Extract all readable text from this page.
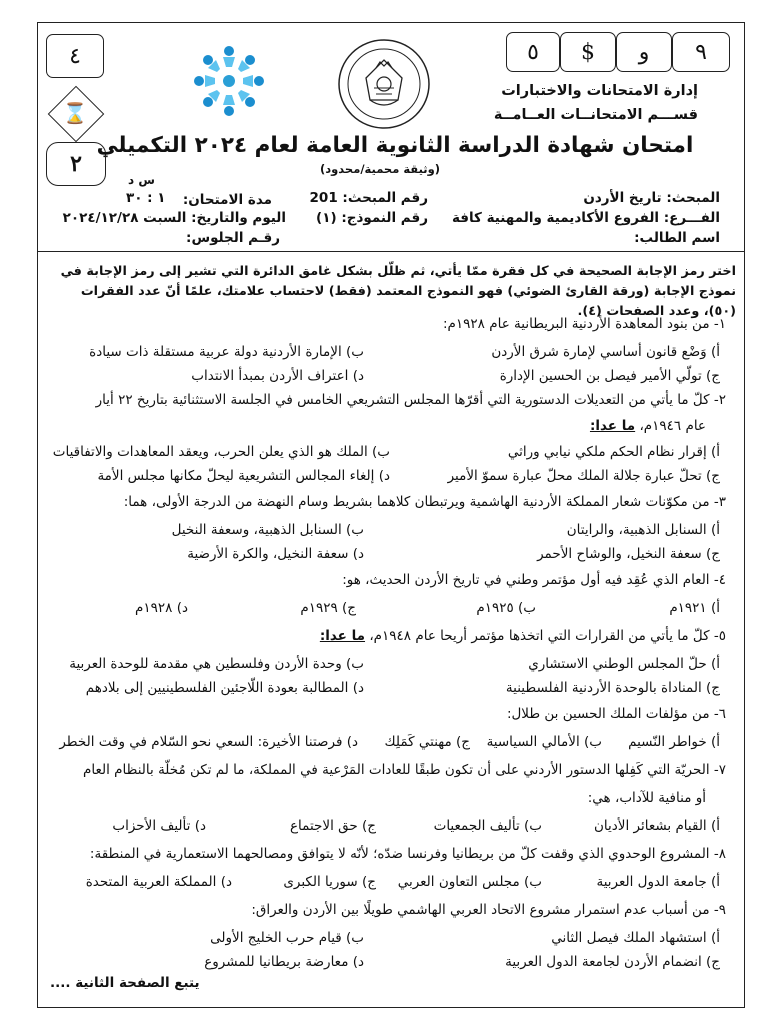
٥	$	و	٩
٤
⌛
٢
إدارة الامتحانات والاختبارات
قســـم الامتحانــات العــامــة
امتحان شهادة الدراسة الثانوية العامة لعام ٢٠٢٤ التكميلي
(وثيقة محمية/محدود)
المبحث: تاريخ الأردن
رقم المبحث: 201
مدة الامتحان:
س د
١ : ٣٠
الفـــرع: الفروع الأكاديمية والمهنية كافة
رقم النموذج: (١)
اليوم والتاريخ: السبت ٢٠٢٤/١٢/٢٨
اسم الطالب:
رقـم الجلوس:
اختر رمز الإجابة الصحيحة في كل فقرة ممّا يأتي، ثم ظلّل بشكل غامق الدائرة التي تشير إلى رمز الإجابة في نموذج الإجابة (ورقة القارئ الضوئي) فهو النموذج المعتمد (فقط) لاحتساب علامتك، علمًا أنّ عدد الفقرات (٥٠)، وعدد الصفحات (٤).
١- من بنود المعاهدة الأردنية البريطانية عام ١٩٢٨م:
أ) وَضْع قانون أساسي لإمارة شرق الأردن
ب) الإمارة الأردنية دولة عربية مستقلة ذات سيادة
ج) تولّي الأمير فيصل بن الحسين الإدارة
د) اعتراف الأردن بمبدأ الانتداب
٢- كلّ ما يأتي من التعديلات الدستورية التي أقرّها المجلس التشريعي الخامس في الجلسة الاستثنائية بتاريخ ٢٢ أيار
عام ١٩٤٦م، ما عدا:
أ) إقرار نظام الحكم ملكي نيابي وراثي
ب) الملك هو الذي يعلن الحرب، ويعقد المعاهدات والاتفاقيات
ج) تحلّ عبارة جلالة الملك محلّ عبارة سموّ الأمير
د) إلغاء المجالس التشريعية ليحلّ مكانها مجلس الأمة
٣- من مكوّنات شعار المملكة الأردنية الهاشمية ويرتبطان كلاهما بشريط وسام النهضة من الدرجة الأولى، هما:
أ) السنابل الذهبية، والرايتان
ب) السنابل الذهبية، وسعفة النخيل
ج) سعفة النخيل، والوشاح الأحمر
د) سعفة النخيل، والكرة الأرضية
٤- العام الذي عُقِد فيه أول مؤتمر وطني في تاريخ الأردن الحديث، هو:
أ) ١٩٢١م
ب) ١٩٢٥م
ج) ١٩٢٩م
د) ١٩٢٨م
٥- كلّ ما يأتي من القرارات التي اتخذها مؤتمر أريحا عام ١٩٤٨م، ما عدا:
أ) حلّ المجلس الوطني الاستشاري
ب) وحدة الأردن وفلسطين هي مقدمة للوحدة العربية
ج) المناداة بالوحدة الأردنية الفلسطينية
د) المطالبة بعودة اللّاجئين الفلسطينيين إلى بلادهم
٦- من مؤلفات الملك الحسين بن طلال:
أ) خواطر النّسيم
ب) الأمالي السياسية
ج) مهنتي كَمَلِك
د) فرصتنا الأخيرة: السعي نحو السّلام في وقت الخطر
٧- الحريّة التي كَفِلها الدستور الأردني على أن تكون طبقًا للعادات المَرْعية في المملكة، ما لم تكن مُخلّة بالنظام العام
أو منافية للآداب، هي:
أ) القيام بشعائر الأديان
ب) تأليف الجمعيات
ج) حق الاجتماع
د) تأليف الأحزاب
٨- المشروع الوحدوي الذي وقفت كلّ من بريطانيا وفرنسا ضدّه؛ لأنّه لا يتوافق ومصالحهما الاستعمارية في المنطقة:
أ) جامعة الدول العربية
ب) مجلس التعاون العربي
ج) سوريا الكبرى
د) المملكة العربية المتحدة
٩- من أسباب عدم استمرار مشروع الاتحاد العربي الهاشمي طويلًا بين الأردن والعراق:
أ) استشهاد الملك فيصل الثاني
ب) قيام حرب الخليج الأولى
ج) انضمام الأردن لجامعة الدول العربية
د) معارضة بريطانيا للمشروع
يتبع الصفحة الثانية ....
